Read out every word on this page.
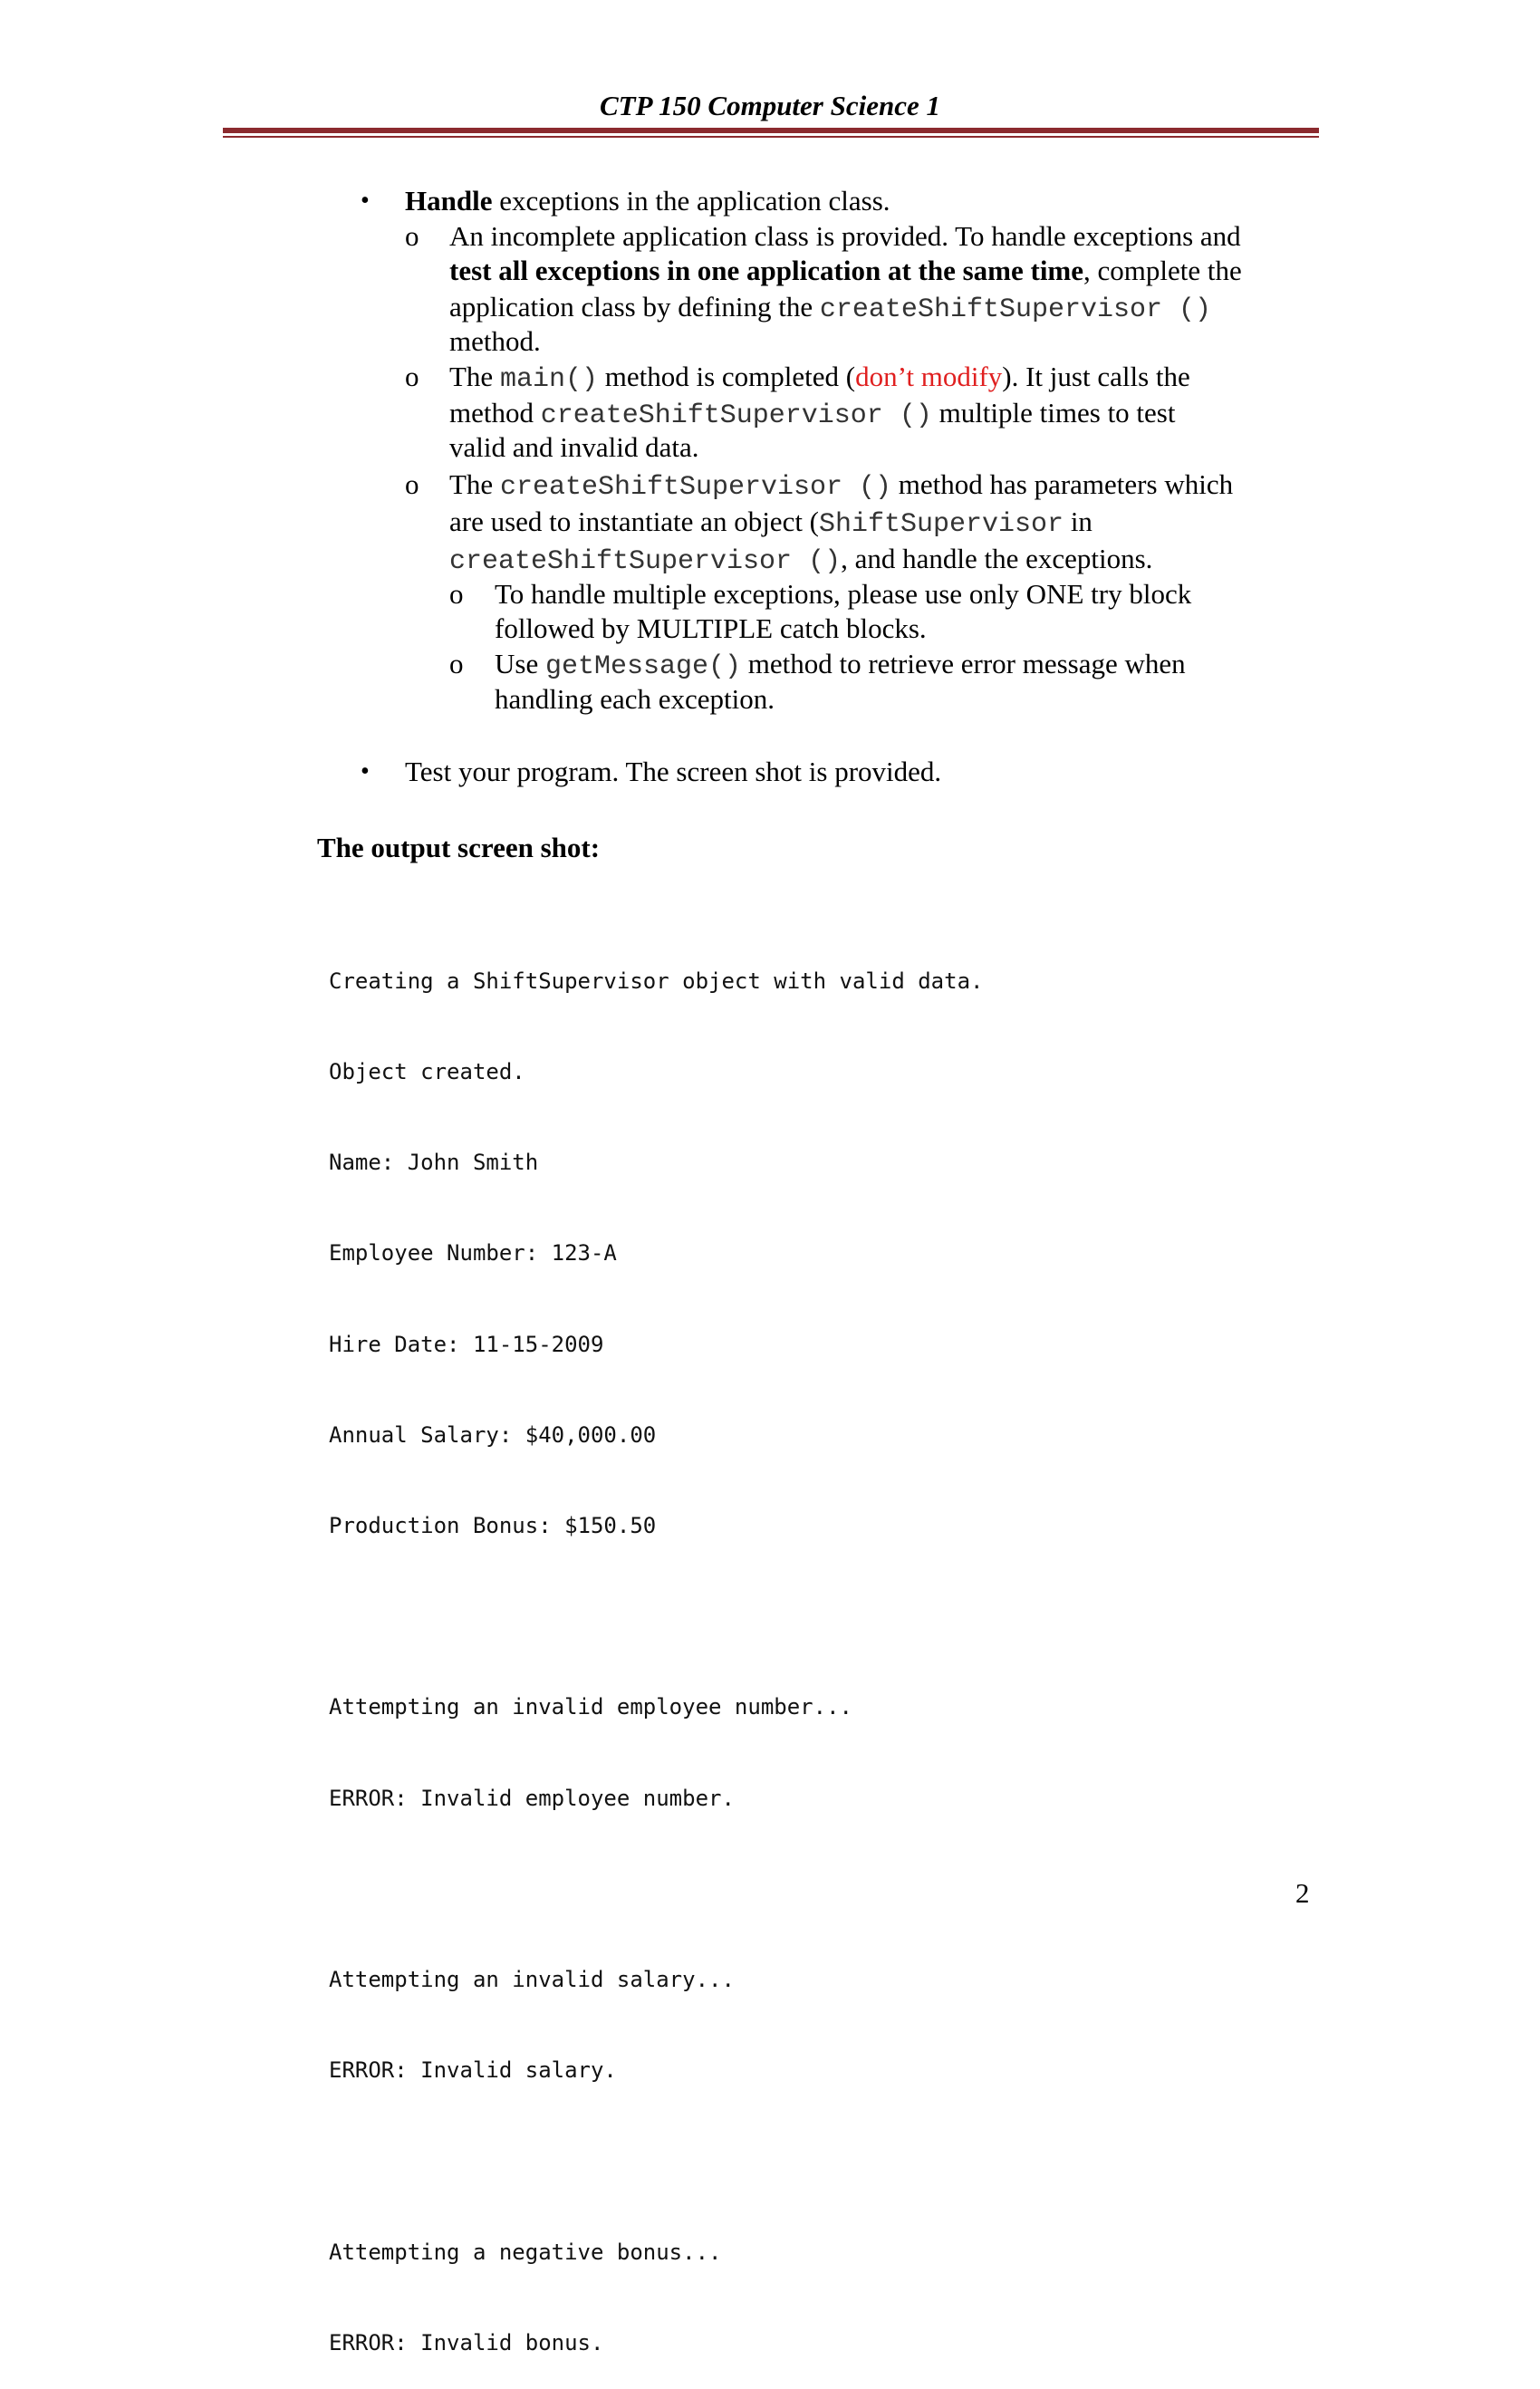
CTP 150 Computer Science 1
• Handle exceptions in the application class.
o An incomplete application class is provided. To handle exceptions and
test all exceptions in one application at the same time, complete the
application class by defining the createShiftSupervisor ()
method.
o The main() method is completed (don’t modify). It just calls the
method createShiftSupervisor () multiple times to test
valid and invalid data.
o The createShiftSupervisor () method has parameters which
are used to instantiate an object (ShiftSupervisor in
createShiftSupervisor (), and handle the exceptions.
o To handle multiple exceptions, please use only ONE try block
followed by MULTIPLE catch blocks.
o Use getMessage() method to retrieve error message when
handling each exception.
• Test your program. The screen shot is provided.
The output screen shot:

Creating a ShiftSupervisor object with valid data.

Object created.

Name: John Smith

Employee Number: 123-A

Hire Date: 11-15-2009

Annual Salary: $40,000.00

Production Bonus: $150.50

Attempting an invalid employee number...

ERROR: Invalid employee number.

Attempting an invalid salary...

ERROR: Invalid salary.

Attempting a negative bonus...

ERROR: Invalid bonus.

2
